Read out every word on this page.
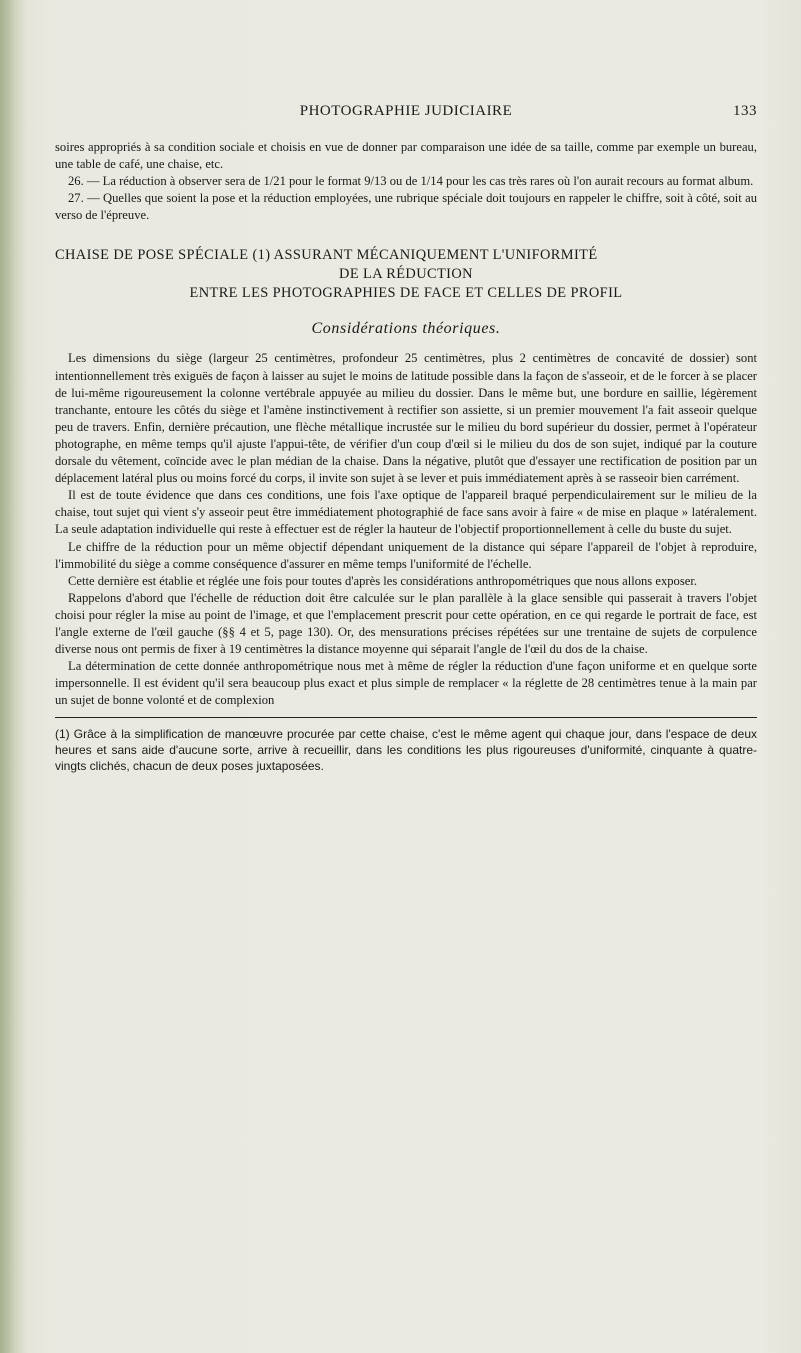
PHOTOGRAPHIE JUDICIAIRE	133

soires appropriés à sa condition sociale et choisis en vue de donner par comparaison une idée de sa taille, comme par exemple un bureau, une table de café, une chaise, etc.

26. — La réduction à observer sera de 1/21 pour le format 9/13 ou de 1/14 pour les cas très rares où l'on aurait recours au format album.

27. — Quelles que soient la pose et la réduction employées, une rubrique spéciale doit toujours en rappeler le chiffre, soit à côté, soit au verso de l'épreuve.

CHAISE DE POSE SPÉCIALE (1) ASSURANT MÉCANIQUEMENT L'UNIFORMITÉ
DE LA RÉDUCTION
ENTRE LES PHOTOGRAPHIES DE FACE ET CELLES DE PROFIL
Considérations théoriques.

Les dimensions du siège (largeur 25 centimètres, profondeur 25 centimètres, plus 2 centimètres de concavité de dossier) sont intentionnellement très exiguës de façon à laisser au sujet le moins de latitude possible dans la façon de s'asseoir, et de le forcer à se placer de lui-même rigoureusement la colonne vertébrale appuyée au milieu du dossier. Dans le même but, une bordure en saillie, légèrement tranchante, entoure les côtés du siège et l'amène instinctivement à rectifier son assiette, si un premier mouvement l'a fait asseoir quelque peu de travers. Enfin, dernière précaution, une flèche métallique incrustée sur le milieu du bord supérieur du dossier, permet à l'opérateur photographe, en même temps qu'il ajuste l'appui-tête, de vérifier d'un coup d'œil si le milieu du dos de son sujet, indiqué par la couture dorsale du vêtement, coïncide avec le plan médian de la chaise. Dans la négative, plutôt que d'essayer une rectification de position par un déplacement latéral plus ou moins forcé du corps, il invite son sujet à se lever et puis immédiatement après à se rasseoir bien carrément.

Il est de toute évidence que dans ces conditions, une fois l'axe optique de l'appareil braqué perpendiculairement sur le milieu de la chaise, tout sujet qui vient s'y asseoir peut être immédiatement photographié de face sans avoir à faire « de mise en plaque » latéralement. La seule adaptation individuelle qui reste à effectuer est de régler la hauteur de l'objectif proportionnellement à celle du buste du sujet.

Le chiffre de la réduction pour un même objectif dépendant uniquement de la distance qui sépare l'appareil de l'objet à reproduire, l'immobilité du siège a comme conséquence d'assurer en même temps l'uniformité de l'échelle.

Cette dernière est établie et réglée une fois pour toutes d'après les considérations anthropométriques que nous allons exposer.

Rappelons d'abord que l'échelle de réduction doit être calculée sur le plan parallèle à la glace sensible qui passerait à travers l'objet choisi pour régler la mise au point de l'image, et que l'emplacement prescrit pour cette opération, en ce qui regarde le portrait de face, est l'angle externe de l'œil gauche (§§ 4 et 5, page 130). Or, des mensurations précises répétées sur une trentaine de sujets de corpulence diverse nous ont permis de fixer à 19 centimètres la distance moyenne qui séparait l'angle de l'œil du dos de la chaise.

La détermination de cette donnée anthropométrique nous met à même de régler la réduction d'une façon uniforme et en quelque sorte impersonnelle. Il est évident qu'il sera beaucoup plus exact et plus simple de remplacer « la réglette de 28 centimètres tenue à la main par un sujet de bonne volonté et de complexion

(1) Grâce à la simplification de manœuvre procurée par cette chaise, c'est le même agent qui chaque jour, dans l'espace de deux heures et sans aide d'aucune sorte, arrive à recueillir, dans les conditions les plus rigoureuses d'uniformité, cinquante à quatre-vingts clichés, chacun de deux poses juxtaposées.
